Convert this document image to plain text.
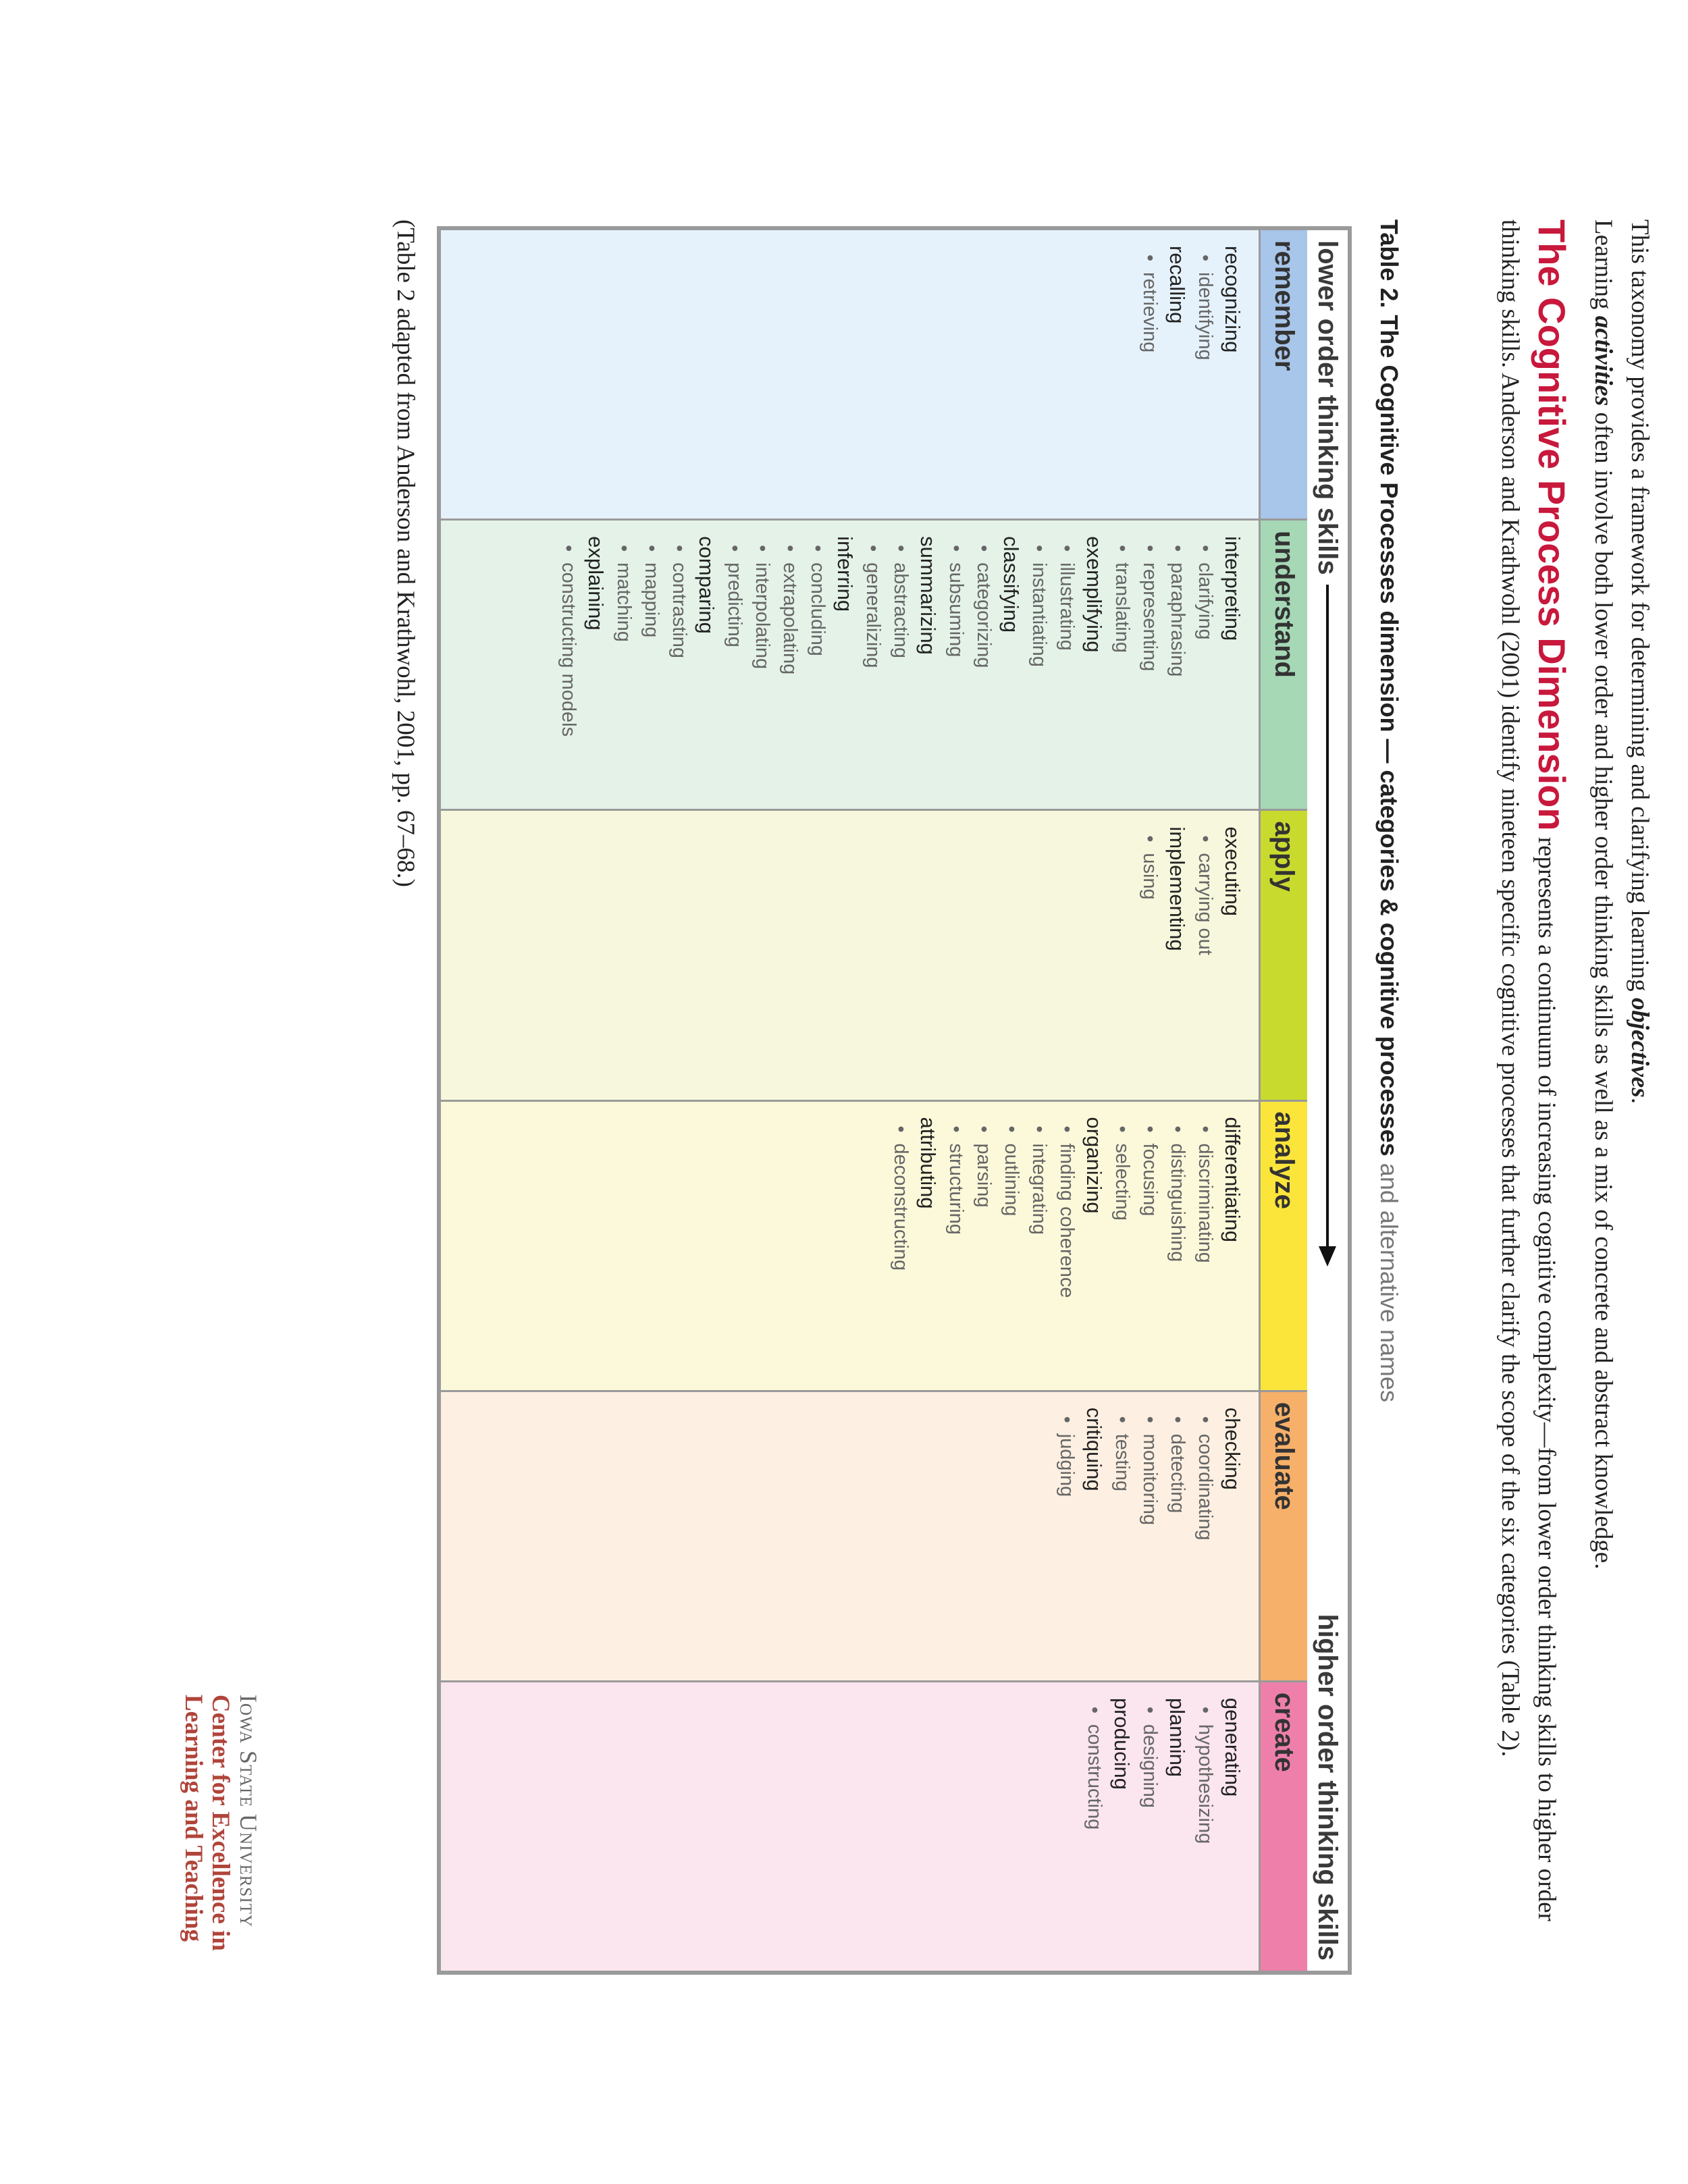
This taxonomy provides a framework for determining and clarifying learning objectives.

Learning activities often involve both lower order and higher order thinking skills as well as a mix of concrete and abstract knowledge.

The Cognitive Process Dimension represents a continuum of increasing cognitive complexity—from lower order thinking skills to higher order thinking skills. Anderson and Krathwohl (2001) identify nineteen specific cognitive processes that further clarify the scope of the six categories (Table 2).
Table 2. The Cognitive Processes dimension — categories & cognitive processes and alternative names
lower order thinking skills
higher order thinking skills
remember
recognizing
• identifying
recalling
• retrieving
understand
interpreting
• clarifying
• paraphrasing
• representing
• translating
exemplifying
• illustrating
• instantiating
classifying
• categorizing
• subsuming
summarizing
• abstracting
• generalizing
inferring
• concluding
• extrapolating
• interpolating
• predicting
comparing
• contrasting
• mapping
• matching
explaining
• constructing models
apply
executing
• carrying out
implementing
• using
analyze
differentiating
• discriminating
• distinguishing
• focusing
• selecting
organizing
• finding coherence
• integrating
• outlining
• parsing
• structuring
attributing
• deconstructing
evaluate
checking
• coordinating
• detecting
• monitoring
• testing
critiquing
• judging
create
generating
• hypothesizing
planning
• designing
producing
• constructing
(Table 2 adapted from Anderson and Krathwohl, 2001, pp. 67–68.)
Iowa State University
Center for Excellence in
Learning and Teaching
